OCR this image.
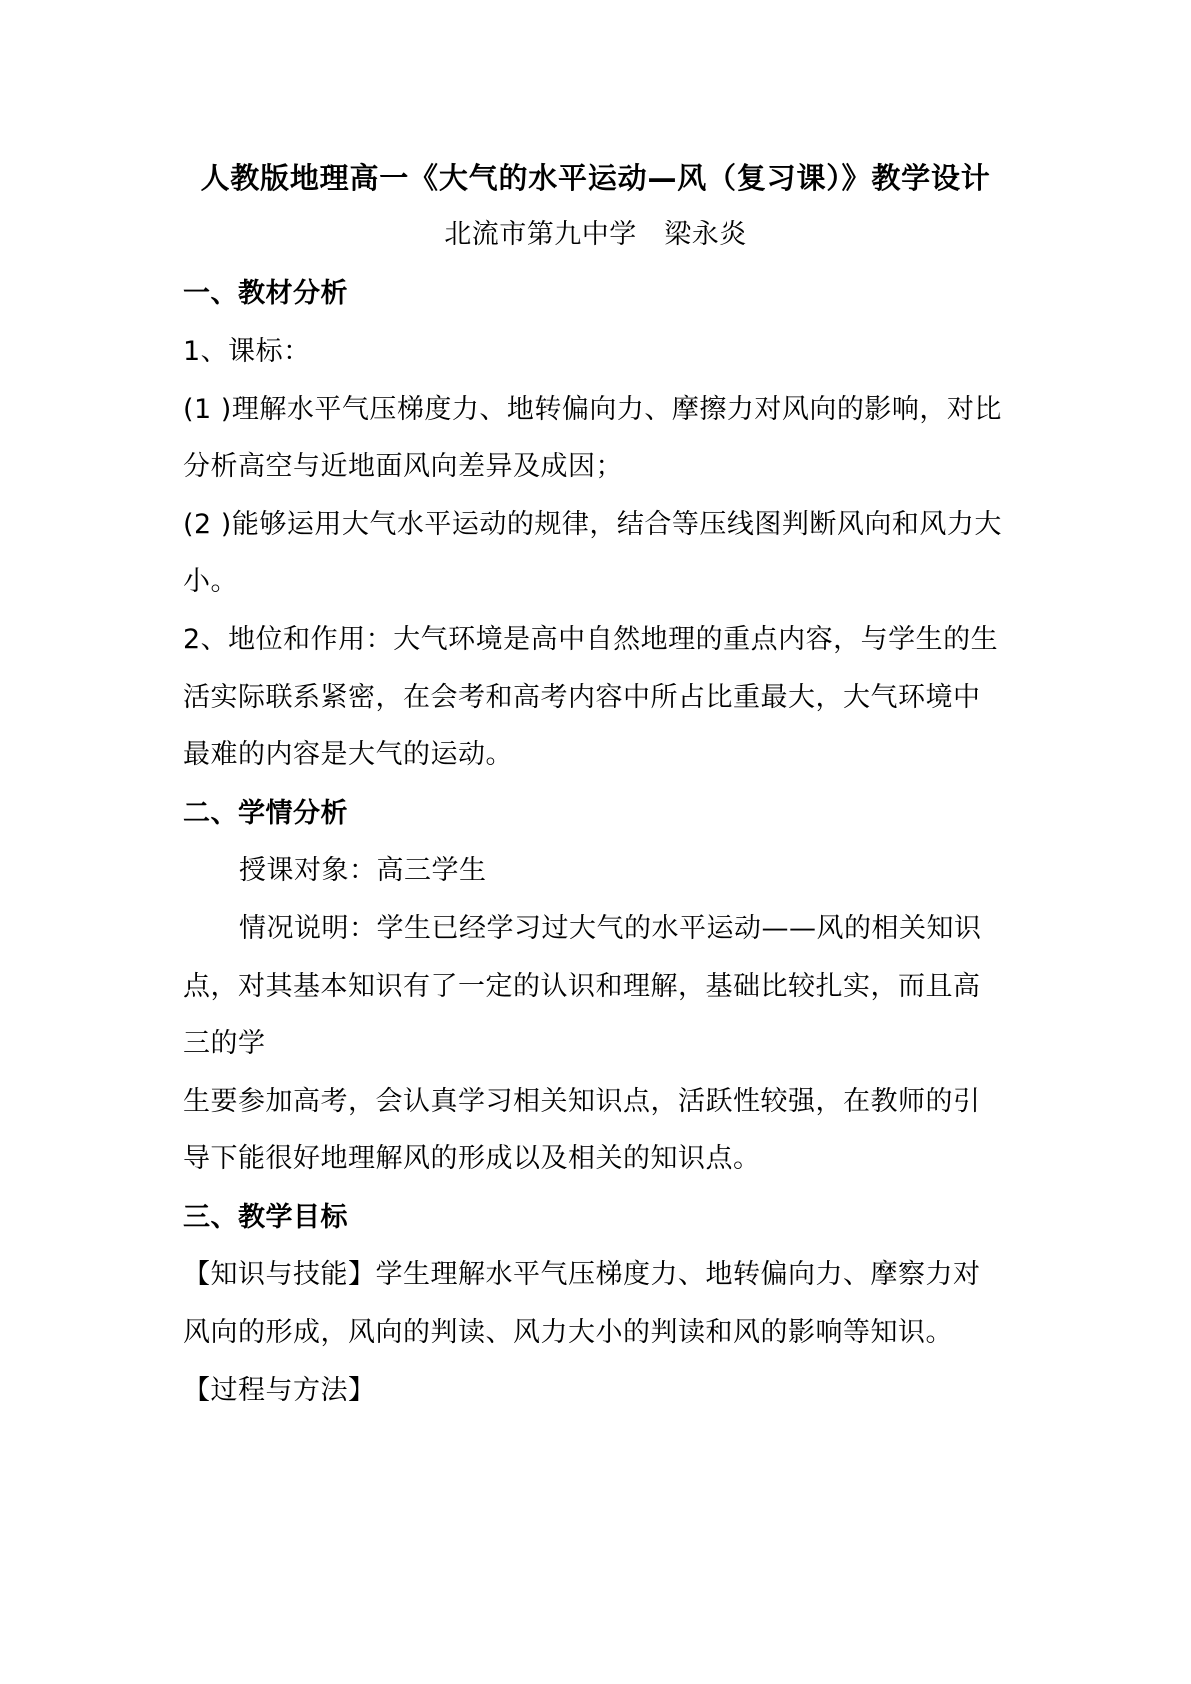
人教版地理高一《大气的水平运动—风（复习课）》教学设计

北流市第九中学　梁永炎

一、教材分析

1、课标：

(1 )理解水平气压梯度力、地转偏向力、摩擦力对风向的影响，对比

分析高空与近地面风向差异及成因；

(2 )能够运用大气水平运动的规律，结合等压线图判断风向和风力大

小。

2、地位和作用：大气环境是高中自然地理的重点内容，与学生的生

活实际联系紧密，在会考和高考内容中所占比重最大，大气环境中

最难的内容是大气的运动。

二、学情分析

授课对象：高三学生

情况说明：学生已经学习过大气的水平运动——风的相关知识

点，对其基本知识有了一定的认识和理解，基础比较扎实，而且高

三的学

生要参加高考，会认真学习相关知识点，活跃性较强，在教师的引

导下能很好地理解风的形成以及相关的知识点。

三、教学目标

【知识与技能】学生理解水平气压梯度力、地转偏向力、摩察力对

风向的形成，风向的判读、风力大小的判读和风的影响等知识。

【过程与方法】
